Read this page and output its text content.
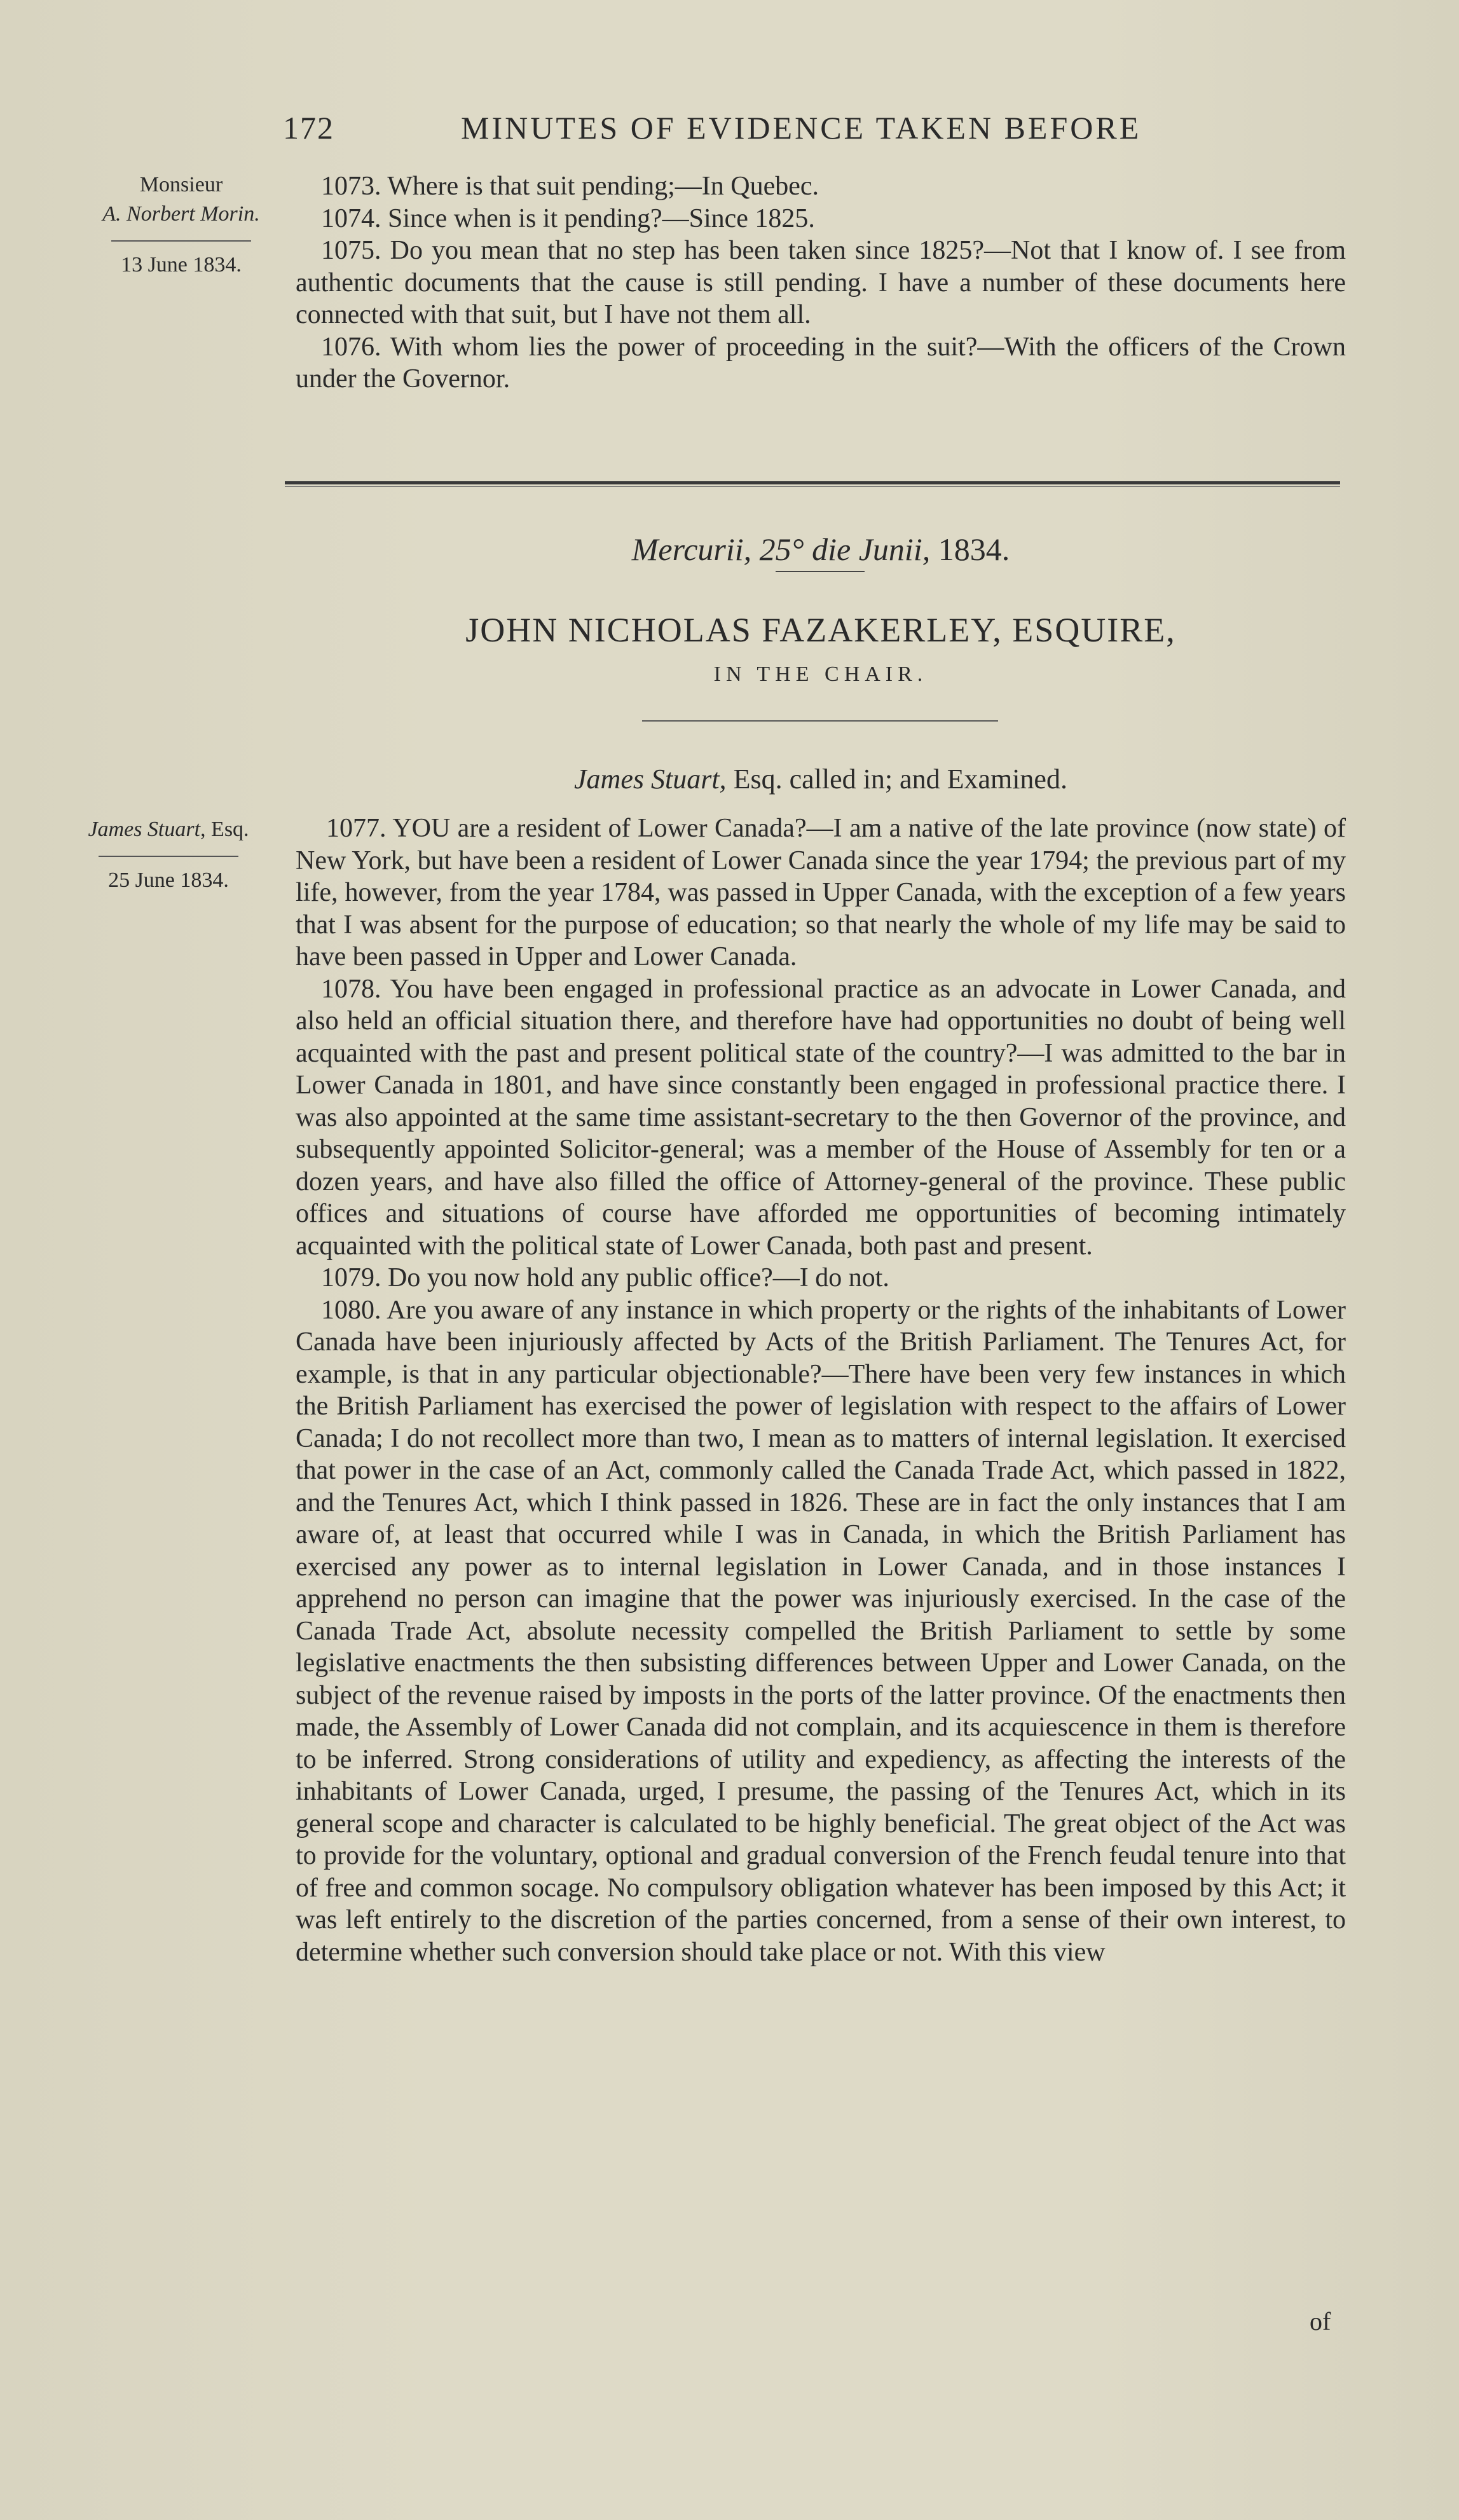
172	MINUTES OF EVIDENCE TAKEN BEFORE
Monsieur
A. Norbert Morin.
13 June 1834.

1073. Where is that suit pending;—In Quebec.

1074. Since when is it pending?—Since 1825.

1075. Do you mean that no step has been taken since 1825?—Not that I know of. I see from authentic documents that the cause is still pending. I have a number of these documents here connected with that suit, but I have not them all.

1076. With whom lies the power of proceeding in the suit?—With the officers of the Crown under the Governor.

Mercurii, 25° die Junii, 1834.
JOHN NICHOLAS FAZAKERLEY, ESQUIRE,
IN THE CHAIR.
James Stuart, Esq. called in; and Examined.
James Stuart, Esq.
25 June 1834.

1077. YOU are a resident of Lower Canada?—I am a native of the late province (now state) of New York, but have been a resident of Lower Canada since the year 1794; the previous part of my life, however, from the year 1784, was passed in Upper Canada, with the exception of a few years that I was absent for the purpose of education; so that nearly the whole of my life may be said to have been passed in Upper and Lower Canada.

1078. You have been engaged in professional practice as an advocate in Lower Canada, and also held an official situation there, and therefore have had opportunities no doubt of being well acquainted with the past and present political state of the country?—I was admitted to the bar in Lower Canada in 1801, and have since constantly been engaged in professional practice there. I was also appointed at the same time assistant-secretary to the then Governor of the province, and subsequently appointed Solicitor-general; was a member of the House of Assembly for ten or a dozen years, and have also filled the office of Attorney-general of the province. These public offices and situations of course have afforded me opportunities of becoming intimately acquainted with the political state of Lower Canada, both past and present.

1079. Do you now hold any public office?—I do not.

1080. Are you aware of any instance in which property or the rights of the inhabitants of Lower Canada have been injuriously affected by Acts of the British Parliament. The Tenures Act, for example, is that in any particular objectionable?—There have been very few instances in which the British Parliament has exercised the power of legislation with respect to the affairs of Lower Canada; I do not recollect more than two, I mean as to matters of internal legislation. It exercised that power in the case of an Act, commonly called the Canada Trade Act, which passed in 1822, and the Tenures Act, which I think passed in 1826. These are in fact the only instances that I am aware of, at least that occurred while I was in Canada, in which the British Parliament has exercised any power as to internal legislation in Lower Canada, and in those instances I apprehend no person can imagine that the power was injuriously exercised. In the case of the Canada Trade Act, absolute necessity compelled the British Parliament to settle by some legislative enactments the then subsisting differences between Upper and Lower Canada, on the subject of the revenue raised by imposts in the ports of the latter province. Of the enactments then made, the Assembly of Lower Canada did not complain, and its acquiescence in them is therefore to be inferred. Strong considerations of utility and expediency, as affecting the interests of the inhabitants of Lower Canada, urged, I presume, the passing of the Tenures Act, which in its general scope and character is calculated to be highly beneficial. The great object of the Act was to provide for the voluntary, optional and gradual conversion of the French feudal tenure into that of free and common socage. No compulsory obligation whatever has been imposed by this Act; it was left entirely to the discretion of the parties concerned, from a sense of their own interest, to determine whether such conversion should take place or not. With this view

of
